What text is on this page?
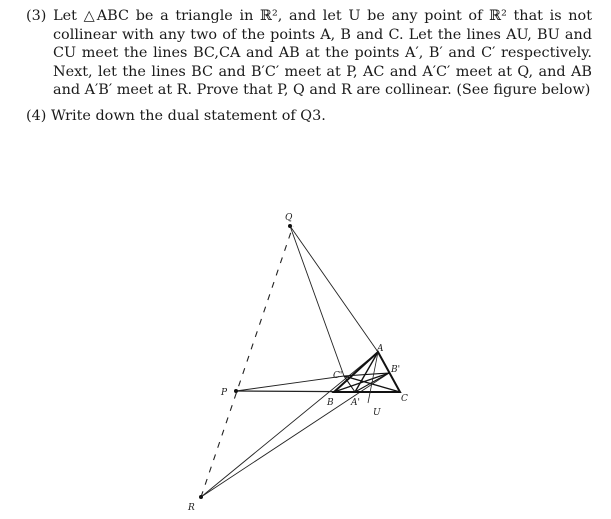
(3) Let △ABC be a triangle in ℝ², and let U be any point of ℝ² that is not collinear with any two of the points A, B and C. Let the lines AU, BU and CU meet the lines BC,CA and AB at the points A′, B′ and C′ respectively. Next, let the lines BC and B′C′ meet at P, AC and A′C′ meet at Q, and AB and A′B′ meet at R. Prove that P, Q and R are collinear. (See figure below)
(4) Write down the dual statement of Q3.
Q
P
R
A
B	C
A'
B'
C'
U
